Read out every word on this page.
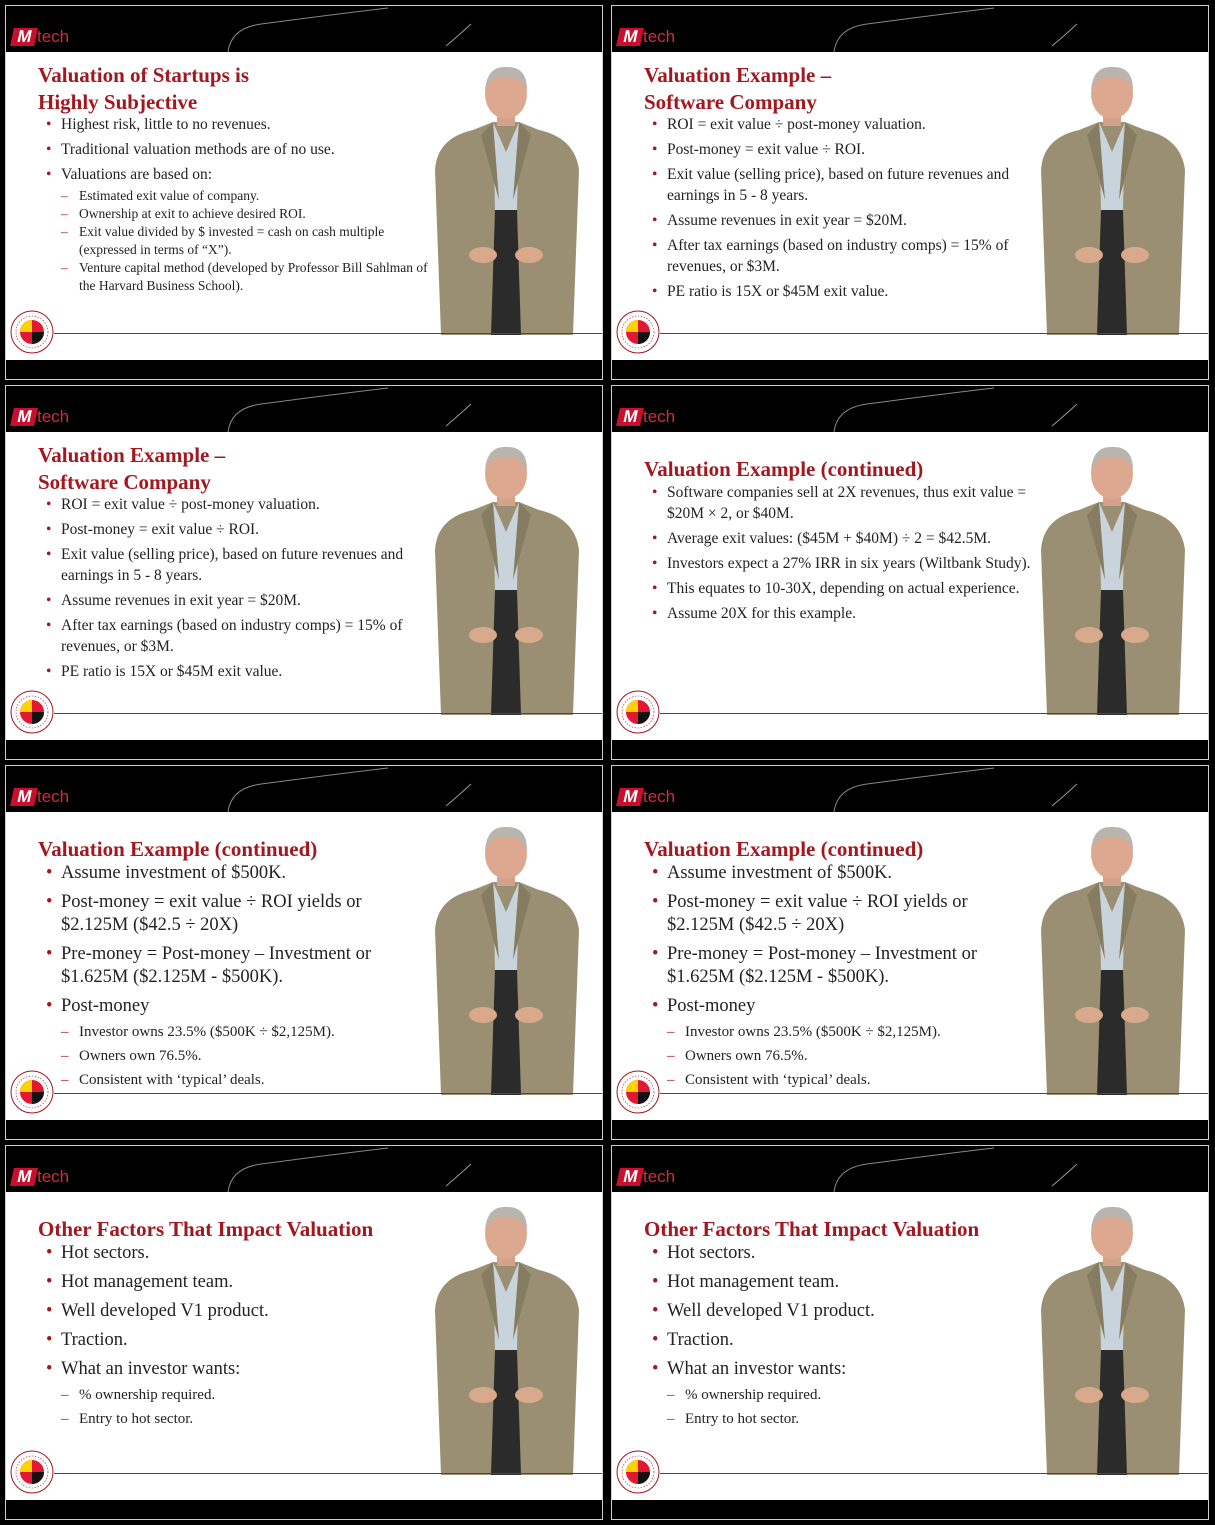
M tech
Valuation of Startups is Highly Subjective
• Highest risk, little to no revenues.
• Traditional valuation methods are of no use.
• Valuations are based on:
– Estimated exit value of company.
– Ownership at exit to achieve desired ROI.
– Exit value divided by $ invested = cash on cash multiple (expressed in terms of “X”).
– Venture capital method (developed by Professor Bill Sahlman of the Harvard Business School).
M tech
Valuation Example – Software Company
• ROI = exit value ÷ post-money valuation.
• Post-money = exit value ÷ ROI.
• Exit value (selling price), based on future revenues and earnings in 5 - 8 years.
• Assume revenues in exit year = $20M.
• After tax earnings (based on industry comps) = 15% of revenues, or $3M.
• PE ratio is 15X or $45M exit value.
M tech
Valuation Example – Software Company
• ROI = exit value ÷ post-money valuation.
• Post-money = exit value ÷ ROI.
• Exit value (selling price), based on future revenues and earnings in 5 - 8 years.
• Assume revenues in exit year = $20M.
• After tax earnings (based on industry comps) = 15% of revenues, or $3M.
• PE ratio is 15X or $45M exit value.
M tech
Valuation Example (continued)
• Software companies sell at 2X revenues, thus exit value = $20M × 2, or $40M.
• Average exit values: ($45M + $40M) ÷ 2 = $42.5M.
• Investors expect a 27% IRR in six years (Wiltbank Study).
• This equates to 10-30X, depending on actual experience.
• Assume 20X for this example.
M tech
Valuation Example (continued)
• Assume investment of $500K.
• Post-money = exit value ÷ ROI yields or $2.125M ($42.5 ÷ 20X)
• Pre-money = Post-money – Investment or $1.625M ($2.125M - $500K).
• Post-money
– Investor owns 23.5% ($500K ÷ $2,125M).
– Owners own 76.5%.
– Consistent with ‘typical’ deals.
M tech
Valuation Example (continued)
• Assume investment of $500K.
• Post-money = exit value ÷ ROI yields or $2.125M ($42.5 ÷ 20X)
• Pre-money = Post-money – Investment or $1.625M ($2.125M - $500K).
• Post-money
– Investor owns 23.5% ($500K ÷ $2,125M).
– Owners own 76.5%.
– Consistent with ‘typical’ deals.
M tech
Other Factors That Impact Valuation
• Hot sectors.
• Hot management team.
• Well developed V1 product.
• Traction.
• What an investor wants:
– % ownership required.
– Entry to hot sector.
M tech
Other Factors That Impact Valuation
• Hot sectors.
• Hot management team.
• Well developed V1 product.
• Traction.
• What an investor wants:
– % ownership required.
– Entry to hot sector.
